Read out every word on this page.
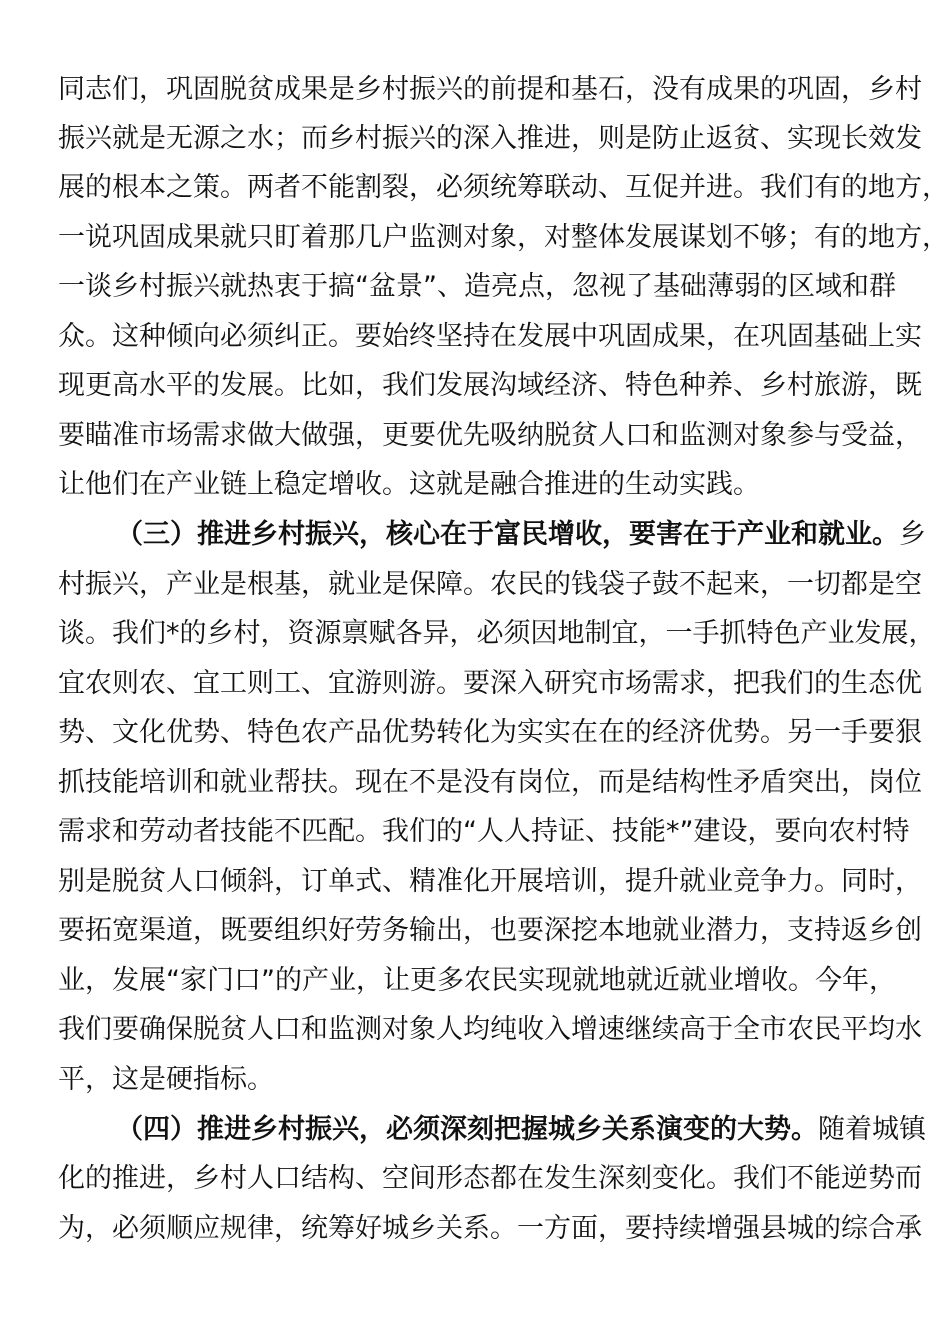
同志们，巩固脱贫成果是乡村振兴的前提和基石，没有成果的巩固，乡村
振兴就是无源之水；而乡村振兴的深入推进，则是防止返贫、实现长效发
展的根本之策。两者不能割裂，必须统筹联动、互促并进。我们有的地方，
一说巩固成果就只盯着那几户监测对象，对整体发展谋划不够；有的地方，
一谈乡村振兴就热衷于搞“盆景”、造亮点，忽视了基础薄弱的区域和群
众。这种倾向必须纠正。要始终坚持在发展中巩固成果，在巩固基础上实
现更高水平的发展。比如，我们发展沟域经济、特色种养、乡村旅游，既
要瞄准市场需求做大做强，更要优先吸纳脱贫人口和监测对象参与受益，
让他们在产业链上稳定增收。这就是融合推进的生动实践。
（三）推进乡村振兴，核心在于富民增收，要害在于产业和就业。乡
村振兴，产业是根基，就业是保障。农民的钱袋子鼓不起来，一切都是空
谈。我们*的乡村，资源禀赋各异，必须因地制宜，一手抓特色产业发展，
宜农则农、宜工则工、宜游则游。要深入研究市场需求，把我们的生态优
势、文化优势、特色农产品优势转化为实实在在的经济优势。另一手要狠
抓技能培训和就业帮扶。现在不是没有岗位，而是结构性矛盾突出，岗位
需求和劳动者技能不匹配。我们的“人人持证、技能*”建设，要向农村特
别是脱贫人口倾斜，订单式、精准化开展培训，提升就业竞争力。同时，
要拓宽渠道，既要组织好劳务输出，也要深挖本地就业潜力，支持返乡创
业，发展“家门口”的产业，让更多农民实现就地就近就业增收。今年，
我们要确保脱贫人口和监测对象人均纯收入增速继续高于全市农民平均水
平，这是硬指标。
（四）推进乡村振兴，必须深刻把握城乡关系演变的大势。随着城镇
化的推进，乡村人口结构、空间形态都在发生深刻变化。我们不能逆势而
为，必须顺应规律，统筹好城乡关系。一方面，要持续增强县城的综合承
